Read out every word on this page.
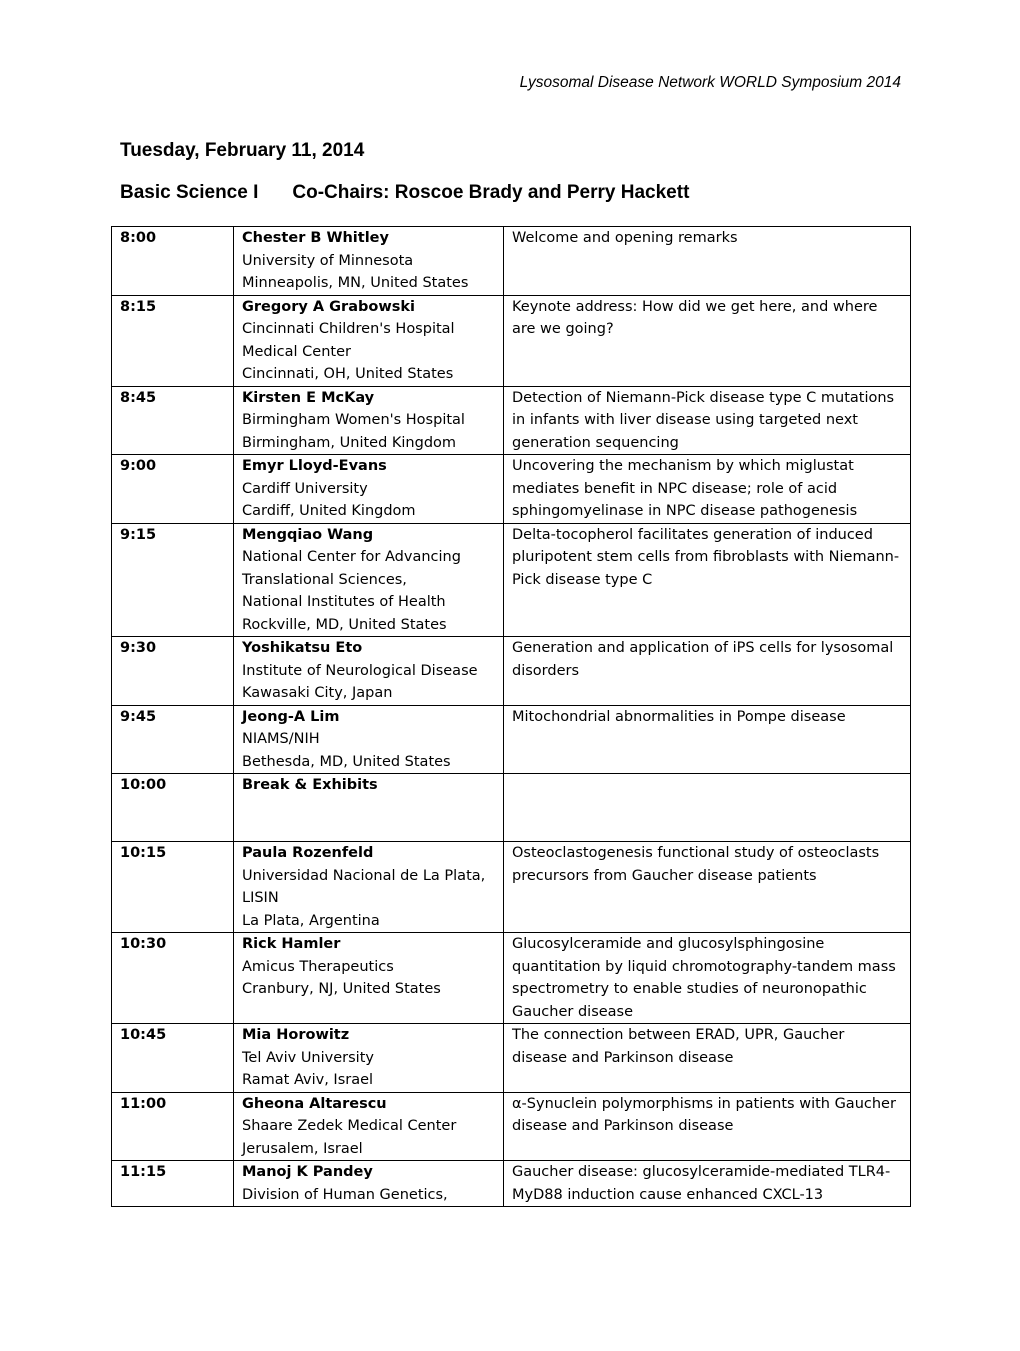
Lysosomal Disease Network WORLD Symposium 2014
Tuesday, February 11, 2014
Basic Science I Co-Chairs: Roscoe Brady and Perry Hackett
8:00	Chester B Whitley
University of Minnesota
Minneapolis, MN, United States	Welcome and opening remarks

8:15	Gregory A Grabowski
Cincinnati Children's Hospital
Medical Center
Cincinnati, OH, United States	Keynote address: How did we get here, and where are we going?

8:45	Kirsten E McKay
Birmingham Women's Hospital
Birmingham, United Kingdom	Detection of Niemann-Pick disease type C mutations in infants with liver disease using targeted next generation sequencing

9:00	Emyr Lloyd-Evans
Cardiff University
Cardiff, United Kingdom	Uncovering the mechanism by which miglustat mediates benefit in NPC disease; role of acid sphingomyelinase in NPC disease pathogenesis

9:15	Mengqiao Wang
National Center for Advancing
Translational Sciences,
National Institutes of Health
Rockville, MD, United States	Delta-tocopherol facilitates generation of induced pluripotent stem cells from fibroblasts with Niemann-Pick disease type C

9:30	Yoshikatsu Eto
Institute of Neurological Disease
Kawasaki City, Japan	Generation and application of iPS cells for lysosomal disorders

9:45	Jeong-A Lim
NIAMS/NIH
Bethesda, MD, United States	Mitochondrial abnormalities in Pompe disease

10:00	Break & Exhibits	

10:15	Paula Rozenfeld
Universidad Nacional de La Plata,
LISIN
La Plata, Argentina	Osteoclastogenesis functional study of osteoclasts precursors from Gaucher disease patients

10:30	Rick Hamler
Amicus Therapeutics
Cranbury, NJ, United States	Glucosylceramide and glucosylsphingosine quantitation by liquid chromotography-tandem mass spectrometry to enable studies of neuronopathic Gaucher disease

10:45	Mia Horowitz
Tel Aviv University
Ramat Aviv, Israel	The connection between ERAD, UPR, Gaucher disease and Parkinson disease

11:00	Gheona Altarescu
Shaare Zedek Medical Center
Jerusalem, Israel	α-Synuclein polymorphisms in patients with Gaucher disease and Parkinson disease

11:15	Manoj K Pandey
Division of Human Genetics,	Gaucher disease: glucosylceramide-mediated TLR4-MyD88 induction cause enhanced CXCL-13
